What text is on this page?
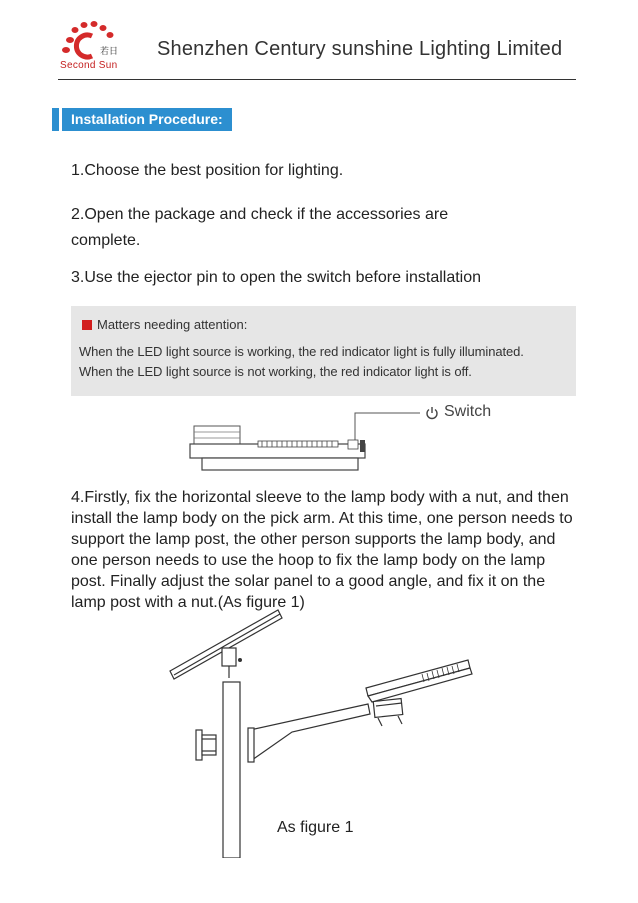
若日
Second Sun
Shenzhen Century sunshine Lighting Limited
Installation Procedure:
1.Choose the best position for lighting.
2.Open the package and check if the accessories are complete.
3.Use the ejector pin to open the switch before installation
Matters needing attention:
When the LED light source is working, the red indicator light is fully illuminated.
When the LED light source is not working, the red indicator light is off.
Switch
4.Firstly, fix the horizontal sleeve to the lamp body with a nut, and then install the lamp body on the pick arm. At this time, one person needs to support the lamp post, the other person supports the lamp body, and one person needs to use the hoop to fix the lamp body on the lamp post. Finally adjust the solar panel to a good angle, and fix it on the lamp post with a nut.(As figure 1)
As figure 1
